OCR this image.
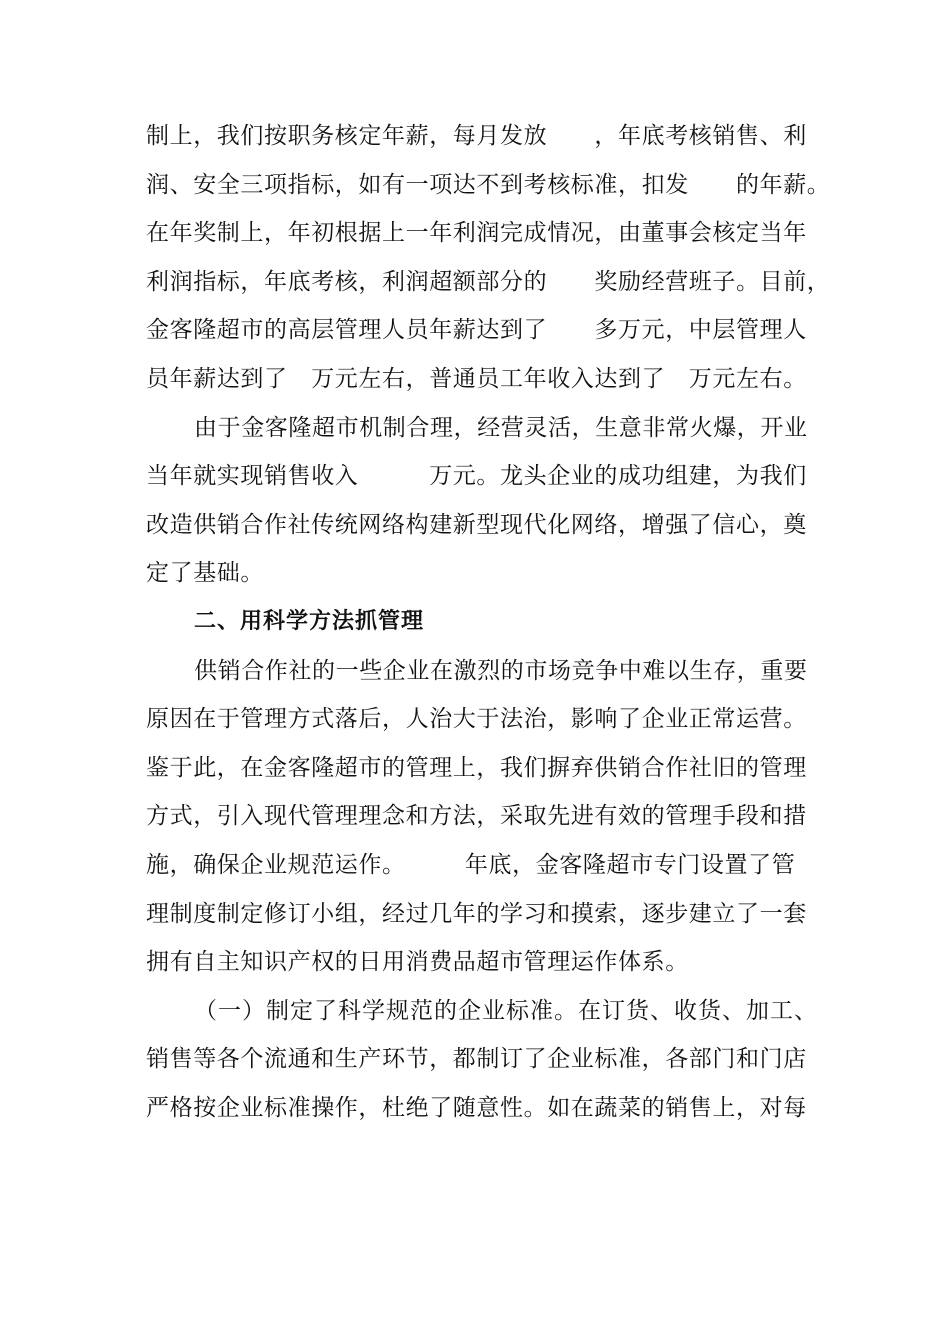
制上，我们按职务核定年薪，每月发放　　，年底考核销售、利
润、安全三项指标，如有一项达不到考核标准，扣发　　的年薪。
在年奖制上，年初根据上一年利润完成情况，由董事会核定当年
利润指标，年底考核，利润超额部分的　　奖励经营班子。目前，
金客隆超市的高层管理人员年薪达到了　　多万元，中层管理人
员年薪达到了　万元左右，普通员工年收入达到了　万元左右。
由于金客隆超市机制合理，经营灵活，生意非常火爆，开业
当年就实现销售收入　　　万元。龙头企业的成功组建，为我们
改造供销合作社传统网络构建新型现代化网络，增强了信心，奠
定了基础。
二、用科学方法抓管理
供销合作社的一些企业在激烈的市场竞争中难以生存，重要
原因在于管理方式落后，人治大于法治，影响了企业正常运营。
鉴于此，在金客隆超市的管理上，我们摒弃供销合作社旧的管理
方式，引入现代管理理念和方法，采取先进有效的管理手段和措
施，确保企业规范运作。　　　年底，金客隆超市专门设置了管
理制度制定修订小组，经过几年的学习和摸索，逐步建立了一套
拥有自主知识产权的日用消费品超市管理运作体系。
（一）制定了科学规范的企业标准。在订货、收货、加工、
销售等各个流通和生产环节，都制订了企业标准，各部门和门店
严格按企业标准操作，杜绝了随意性。如在蔬菜的销售上，对每
